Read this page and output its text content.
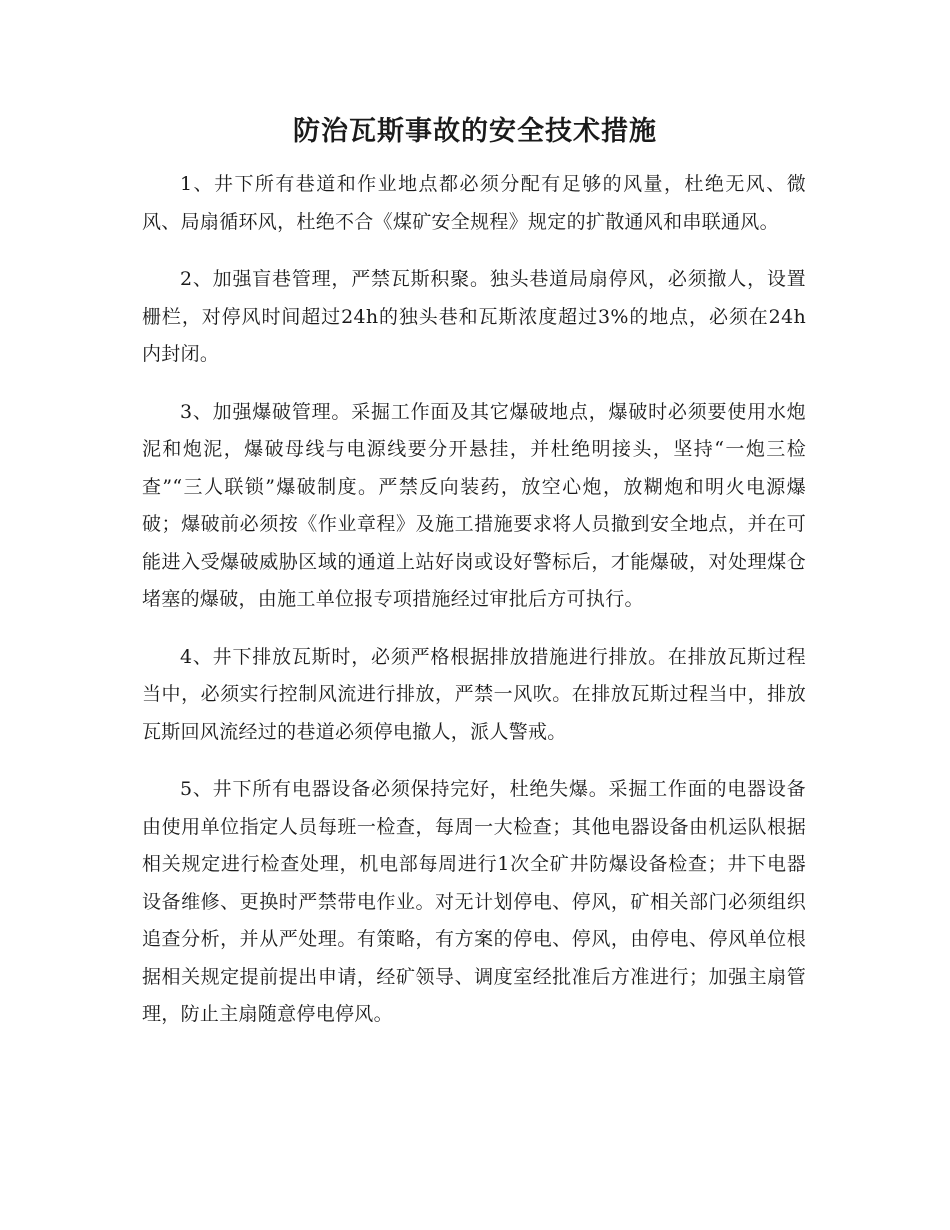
防治瓦斯事故的安全技术措施

1、井下所有巷道和作业地点都必须分配有足够的风量，杜绝无风、微风、局扇循环风，杜绝不合《煤矿安全规程》规定的扩散通风和串联通风。

2、加强盲巷管理，严禁瓦斯积聚。独头巷道局扇停风，必须撤人，设置栅栏，对停风时间超过24h的独头巷和瓦斯浓度超过3%的地点，必须在24h内封闭。

3、加强爆破管理。采掘工作面及其它爆破地点，爆破时必须要使用水炮泥和炮泥，爆破母线与电源线要分开悬挂，并杜绝明接头，坚持“一炮三检查”“三人联锁”爆破制度。严禁反向装药，放空心炮，放糊炮和明火电源爆破；爆破前必须按《作业章程》及施工措施要求将人员撤到安全地点，并在可能进入受爆破威胁区域的通道上站好岗或设好警标后，才能爆破，对处理煤仓堵塞的爆破，由施工单位报专项措施经过审批后方可执行。

4、井下排放瓦斯时，必须严格根据排放措施进行排放。在排放瓦斯过程当中，必须实行控制风流进行排放，严禁一风吹。在排放瓦斯过程当中，排放瓦斯回风流经过的巷道必须停电撤人，派人警戒。

5、井下所有电器设备必须保持完好，杜绝失爆。采掘工作面的电器设备由使用单位指定人员每班一检查，每周一大检查；其他电器设备由机运队根据相关规定进行检查处理，机电部每周进行1次全矿井防爆设备检查；井下电器设备维修、更换时严禁带电作业。对无计划停电、停风，矿相关部门必须组织追查分析，并从严处理。有策略，有方案的停电、停风，由停电、停风单位根据相关规定提前提出申请，经矿领导、调度室经批准后方准进行；加强主扇管理，防止主扇随意停电停风。
